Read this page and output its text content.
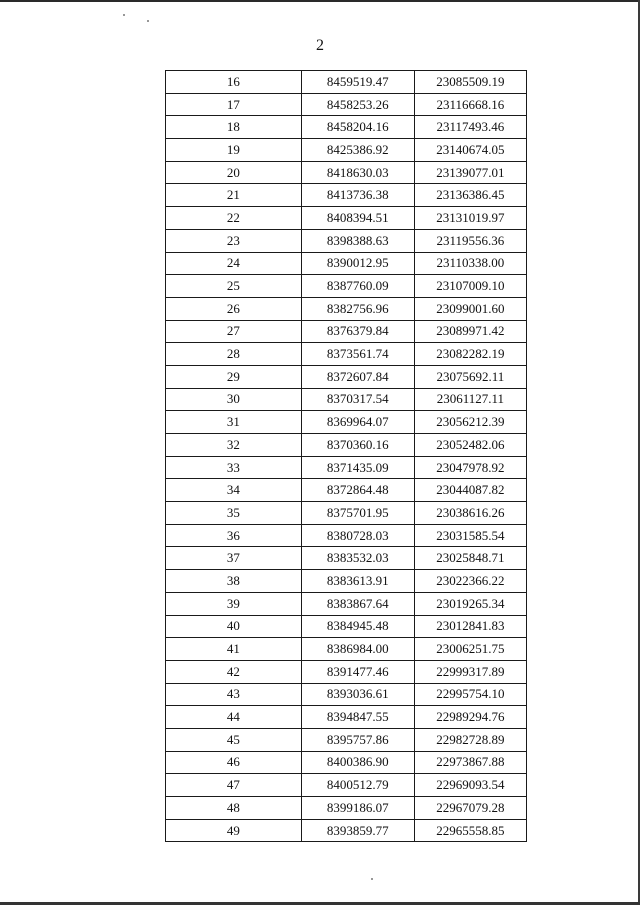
2
16	8459519.47	23085509.19
17	8458253.26	23116668.16
18	8458204.16	23117493.46
19	8425386.92	23140674.05
20	8418630.03	23139077.01
21	8413736.38	23136386.45
22	8408394.51	23131019.97
23	8398388.63	23119556.36
24	8390012.95	23110338.00
25	8387760.09	23107009.10
26	8382756.96	23099001.60
27	8376379.84	23089971.42
28	8373561.74	23082282.19
29	8372607.84	23075692.11
30	8370317.54	23061127.11
31	8369964.07	23056212.39
32	8370360.16	23052482.06
33	8371435.09	23047978.92
34	8372864.48	23044087.82
35	8375701.95	23038616.26
36	8380728.03	23031585.54
37	8383532.03	23025848.71
38	8383613.91	23022366.22
39	8383867.64	23019265.34
40	8384945.48	23012841.83
41	8386984.00	23006251.75
42	8391477.46	22999317.89
43	8393036.61	22995754.10
44	8394847.55	22989294.76
45	8395757.86	22982728.89
46	8400386.90	22973867.88
47	8400512.79	22969093.54
48	8399186.07	22967079.28
49	8393859.77	22965558.85
